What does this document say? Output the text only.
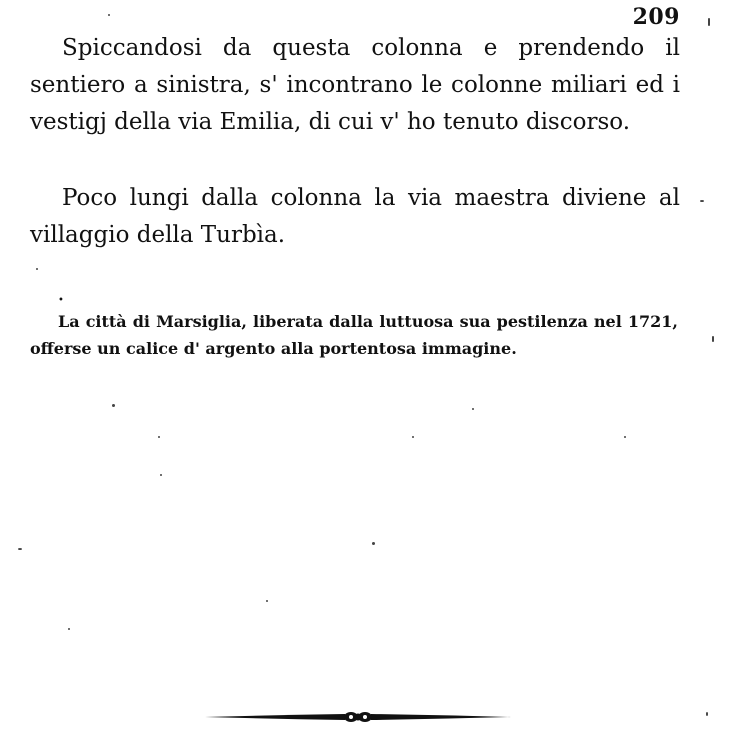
209

Spiccandosi da questa colonna e prendendo il sentiero a sinistra, s' incontrano le colonne miliari ed i vestigj della via Emilia, di cui v' ho tenuto discorso.

Poco lungi dalla colonna la via maestra diviene al villaggio della Turbìa.

•

La città di Marsiglia, liberata dalla luttuosa sua pestilenza nel 1721, offerse un calice d' argento alla portentosa immagine.
